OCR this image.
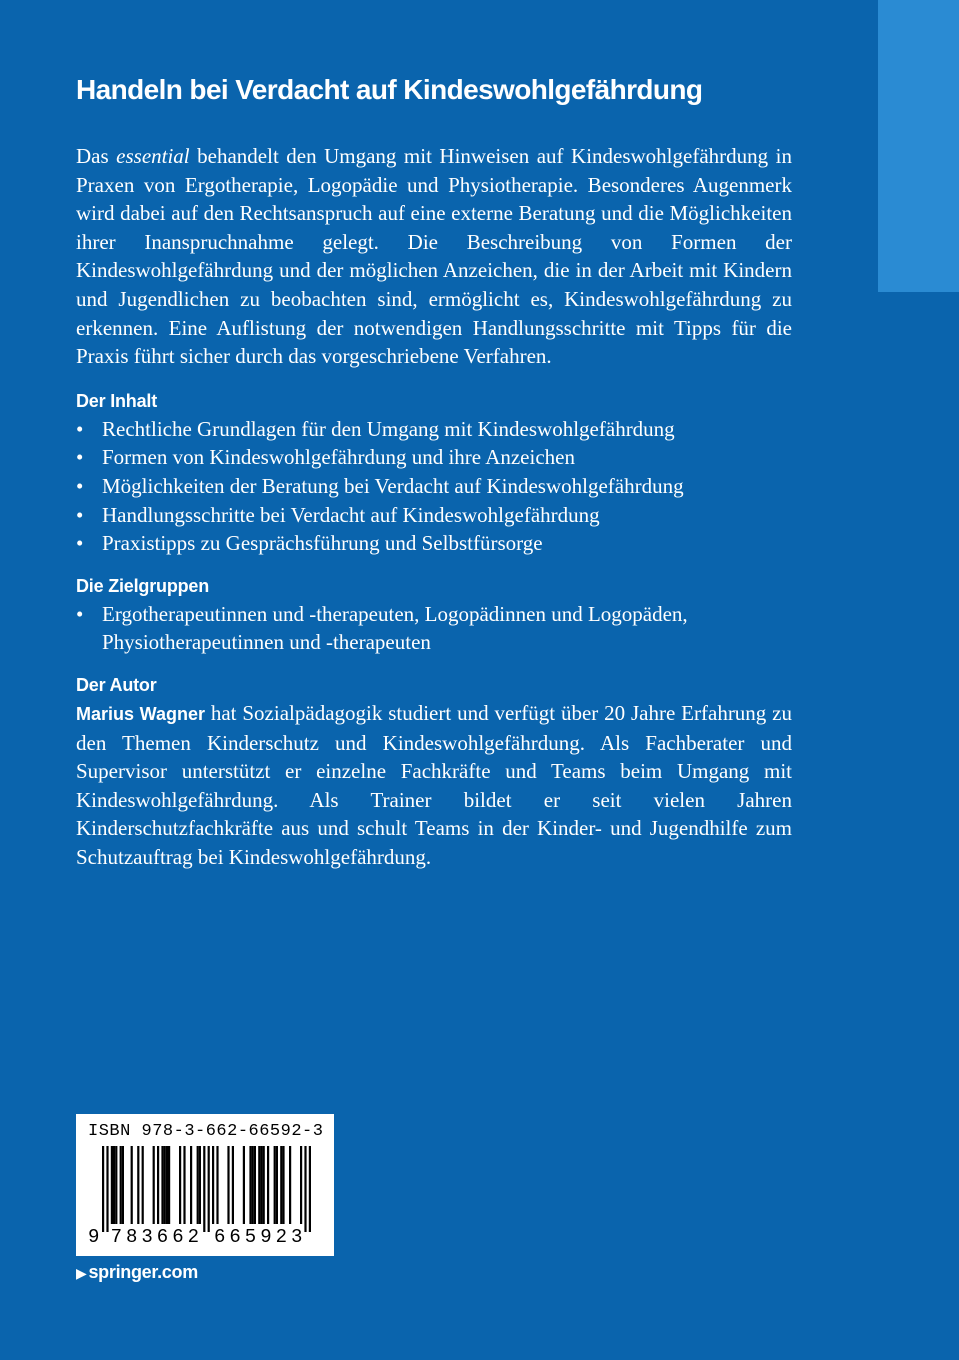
Handeln bei Verdacht auf Kindeswohlgefährdung

Das essential behandelt den Umgang mit Hinweisen auf Kindeswohlgefährdung in Praxen von Ergotherapie, Logopädie und Physiotherapie. Besonderes Augenmerk wird dabei auf den Rechtsanspruch auf eine externe Beratung und die Möglichkeiten ihrer Inanspruchnahme gelegt. Die Beschreibung von Formen der Kindeswohlgefährdung und der möglichen Anzeichen, die in der Arbeit mit Kindern und Jugendlichen zu beobachten sind, ermöglicht es, Kindeswohlgefährdung zu erkennen. Eine Auflistung der notwendigen Handlungsschritte mit Tipps für die Praxis führt sicher durch das vorgeschriebene Verfahren.

Der Inhalt
• Rechtliche Grundlagen für den Umgang mit Kindeswohlgefährdung
• Formen von Kindeswohlgefährdung und ihre Anzeichen
• Möglichkeiten der Beratung bei Verdacht auf Kindeswohlgefährdung
• Handlungsschritte bei Verdacht auf Kindeswohlgefährdung
• Praxistipps zu Gesprächsführung und Selbstfürsorge
Die Zielgruppen
• Ergotherapeutinnen und -therapeuten, Logopädinnen und Logopäden, Physiotherapeutinnen und -therapeuten
Der Autor

Marius Wagner hat Sozialpädagogik studiert und verfügt über 20 Jahre Erfahrung zu den Themen Kinderschutz und Kindeswohlgefährdung. Als Fachberater und Supervisor unterstützt er einzelne Fachkräfte und Teams beim Umgang mit Kindeswohlgefährdung. Als Trainer bildet er seit vielen Jahren Kinderschutzfachkräfte aus und schult Teams in der Kinder- und Jugendhilfe zum Schutzauftrag bei Kindeswohlgefährdung.

ISBN 978-3-662-66592-3
9 7 8 3 6 6 2 6 6 5 9 2 3
▶ springer.com
